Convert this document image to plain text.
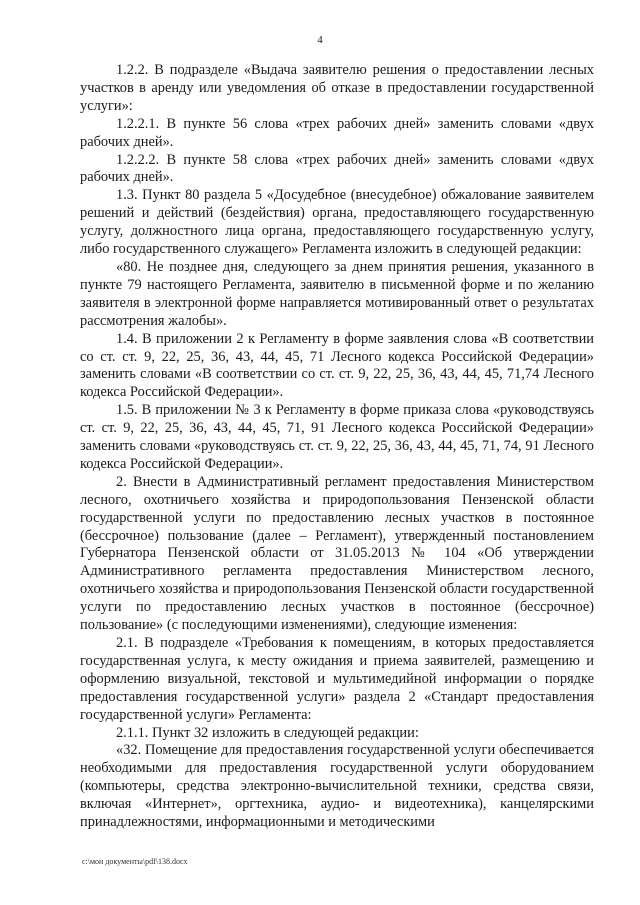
4

1.2.2. В подразделе «Выдача заявителю решения о предоставлении лесных участков в аренду или уведомления об отказе в предоставлении государственной услуги»:

1.2.2.1. В пункте 56 слова «трех рабочих дней» заменить словами «двух рабочих дней».

1.2.2.2. В пункте 58 слова «трех рабочих дней» заменить словами «двух рабочих дней».

1.3. Пункт 80 раздела 5 «Досудебное (внесудебное) обжалование заявителем решений и действий (бездействия) органа, предоставляющего государственную услугу, должностного лица органа, предоставляющего государственную услугу, либо государственного служащего» Регламента изложить в следующей редакции:

«80. Не позднее дня, следующего за днем принятия решения, указанного в пункте 79 настоящего Регламента, заявителю в письменной форме и по желанию заявителя в электронной форме направляется мотивированный ответ о результатах рассмотрения жалобы».

1.4. В приложении 2 к Регламенту в форме заявления слова «В соответствии со ст. ст. 9, 22, 25, 36, 43, 44, 45, 71 Лесного кодекса Российской Федерации» заменить словами «В соответствии со ст. ст. 9, 22, 25, 36, 43, 44, 45, 71,74 Лесного кодекса Российской Федерации».

1.5. В приложении № 3 к Регламенту в форме приказа слова «руководствуясь ст. ст. 9, 22, 25, 36, 43, 44, 45, 71, 91 Лесного кодекса Российской Федерации» заменить словами «руководствуясь ст. ст. 9, 22, 25, 36, 43, 44, 45, 71, 74, 91 Лесного кодекса Российской Федерации».

2. Внести в Административный регламент предоставления Министерством лесного, охотничьего хозяйства и природопользования Пензенской области государственной услуги по предоставлению лесных участков в постоянное (бессрочное) пользование (далее – Регламент), утвержденный постановлением Губернатора Пензенской области от 31.05.2013 № 104 «Об утверждении Административного регламента предоставления Министерством лесного, охотничьего хозяйства и природопользования Пензенской области государственной услуги по предоставлению лесных участков в постоянное (бессрочное) пользование» (с последующими изменениями), следующие изменения:

2.1. В подразделе «Требования к помещениям, в которых предоставляется государственная услуга, к месту ожидания и приема заявителей, размещению и оформлению визуальной, текстовой и мультимедийной информации о порядке предоставления государственной услуги» раздела 2 «Стандарт предоставления государственной услуги» Регламента:

2.1.1. Пункт 32 изложить в следующей редакции:

«32. Помещение для предоставления государственной услуги обеспечивается необходимыми для предоставления государственной услуги оборудованием (компьютеры, средства электронно-вычислительной техники, средства связи, включая «Интернет», оргтехника, аудио- и видеотехника), канцелярскими принадлежностями, информационными и методическими

c:\мои документы\pdf\138.docx
